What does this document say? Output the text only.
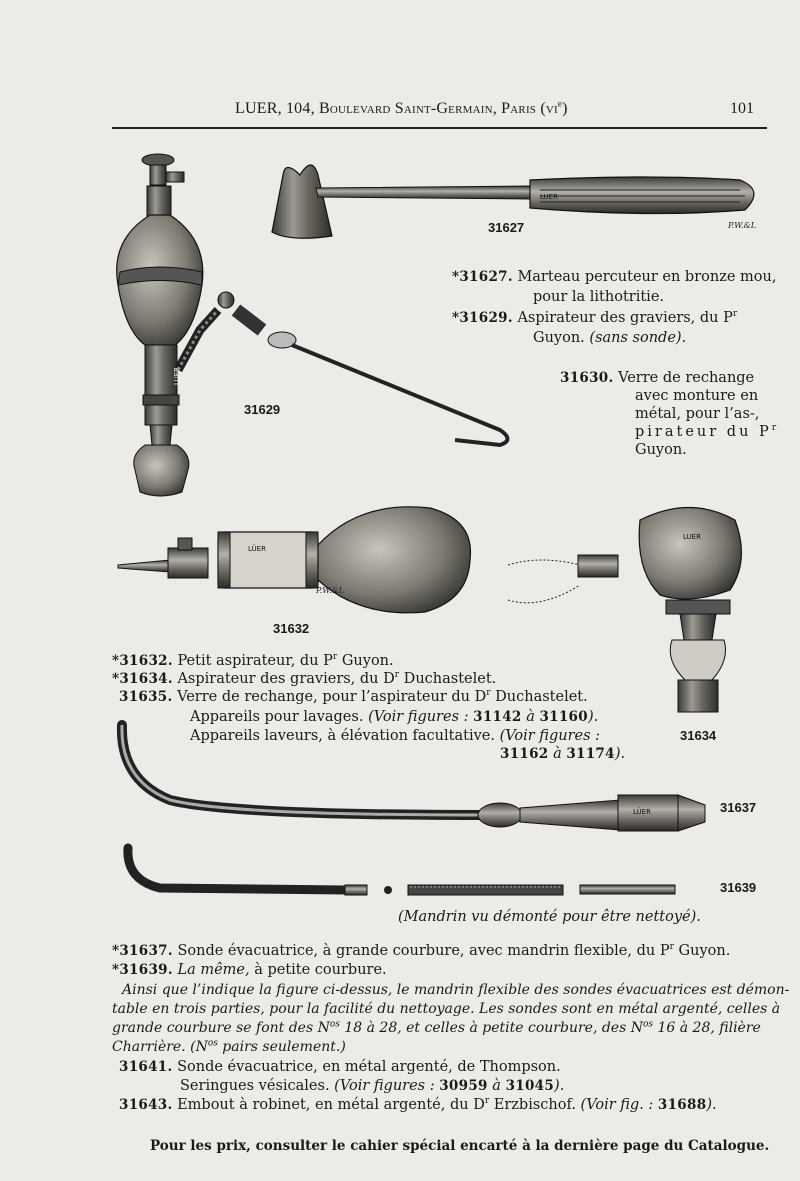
LUER, 104, Boulevard Saint-Germain, Paris $(vi^e)$	101
LUER
P.W.&L
LUER
LÜER
P.W.&L
LUER
LÜER
31627
31629
31632
31634
31637
31639
*31627. Marteau percuteur en bronze mou,
pour la lithotritie.
*31629. Aspirateur des graviers, du $P^r$
Guyon. (sans sonde).
31630. Verre de rechange
avec monture en
métal, pour l’as-,
pirateur du $P^r$
Guyon.
*31632. Petit aspirateur, du $P^r$ Guyon.
*31634. Aspirateur des graviers, du $D^r$ Duchastelet.
31635. Verre de rechange, pour l’aspirateur du $D^r$ Duchastelet.
Appareils pour lavages. (Voir figures : 31142 à 31160).
Appareils laveurs, à élévation facultative. (Voir figures :
31162 à 31174).
(Mandrin vu démonté pour être nettoyé).
*31637. Sonde évacuatrice, à grande courbure, avec mandrin flexible, du $P^r$ Guyon.
*31639. La même, à petite courbure.
Ainsi que l’indique la figure ci-dessus, le mandrin flexible des sondes évacuatrices est démon-
table en trois parties, pour la facilité du nettoyage. Les sondes sont en métal argenté, celles à
grande courbure se font des $N^{os}$ 18 à 28, et celles à petite courbure, des $N^{os}$ 16 à 28, filière
Charrière. ($N^{os}$ pairs seulement.)
31641. Sonde évacuatrice, en métal argenté, de Thompson.
Seringues vésicales. (Voir figures : 30959 à 31045).
31643. Embout à robinet, en métal argenté, du $D^r$ Erzbischof. (Voir fig. : 31688).
Pour les prix, consulter le cahier spécial encarté à la dernière page du Catalogue.
